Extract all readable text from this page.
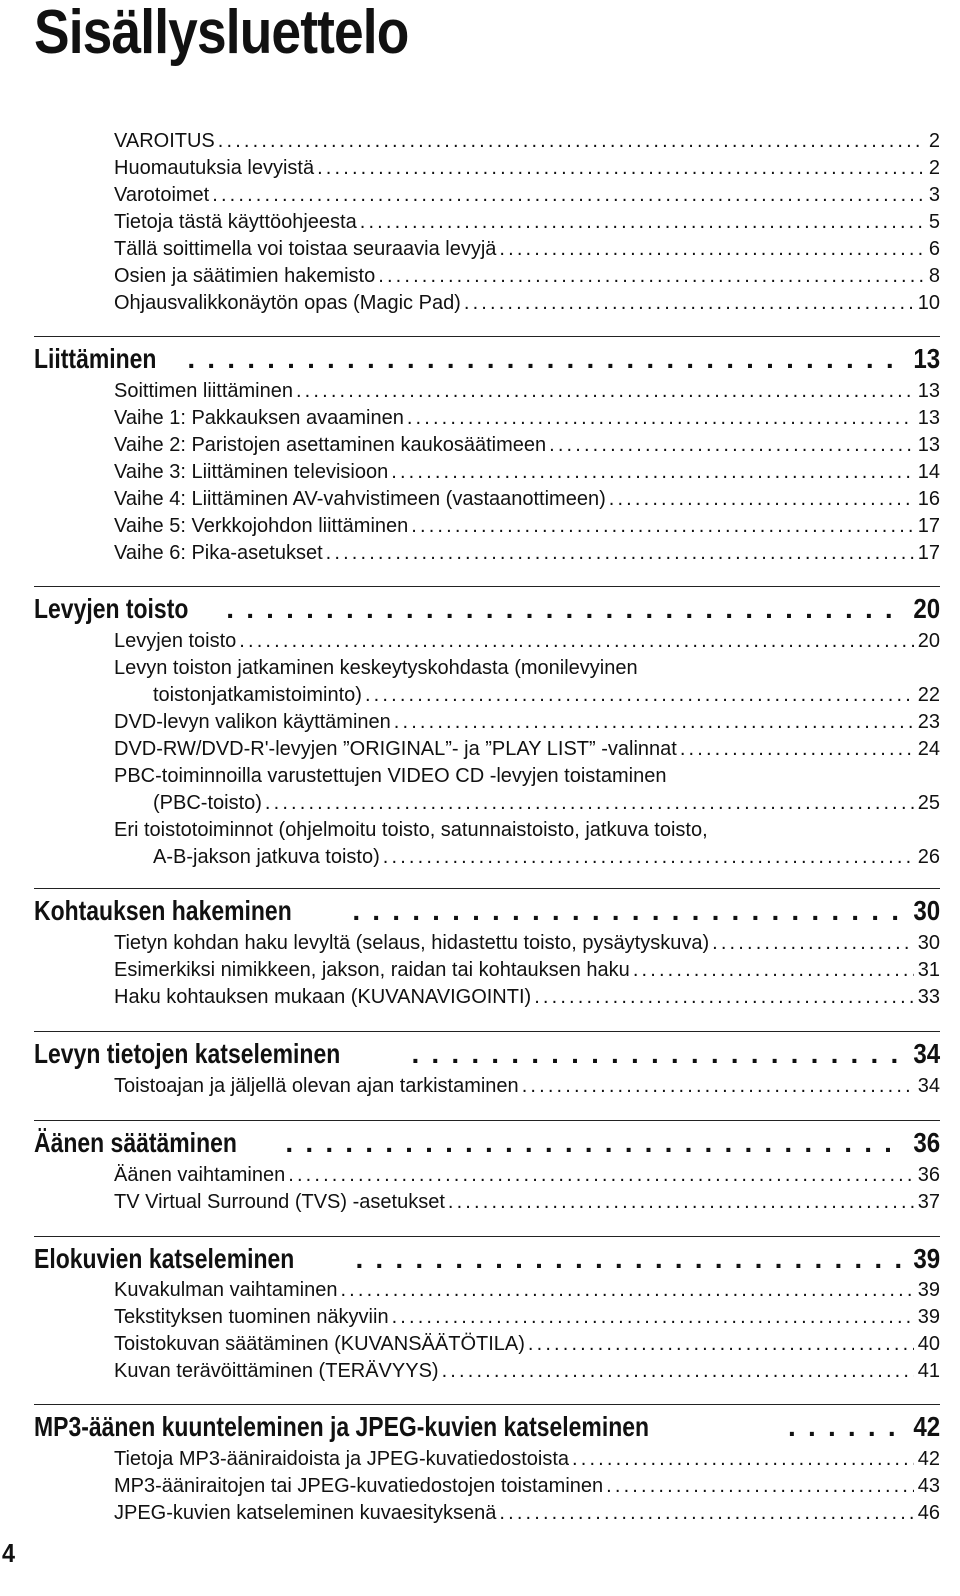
Sisällysluettelo
VAROITUS . . .	2
Huomautuksia levyistä . . .	2
Varotoimet . . .	3
Tietoja tästä käyttöohjeesta . . .	5
Tällä soittimella voi toistaa seuraavia levyjä . . .	6
Osien ja säätimien hakemisto . . .	8
Ohjausvalikkonäytön opas (Magic Pad) . . .	10
Liittäminen . . .	13
Soittimen liittäminen . . .	13
Vaihe 1: Pakkauksen avaaminen . . .	13
Vaihe 2: Paristojen asettaminen kaukosäätimeen . . .	13
Vaihe 3: Liittäminen televisioon . . .	14
Vaihe 4: Liittäminen AV-vahvistimeen (vastaanottimeen) . . .	16
Vaihe 5: Verkkojohdon liittäminen . . .	17
Vaihe 6: Pika-asetukset . . .	17
Levyjen toisto . . .	20
Levyjen toisto . . .	20
Levyn toiston jatkaminen keskeytyskohdasta (monilevyinen
toistonjatkamistoiminto) . . .	22
DVD-levyn valikon käyttäminen . . .	23
DVD-RW/DVD-R'-levyjen ”ORIGINAL”- ja ”PLAY LIST” -valinnat . . .	24
PBC-toiminnoilla varustettujen VIDEO CD -levyjen toistaminen
(PBC-toisto) . . .	25
Eri toistotoiminnot (ohjelmoitu toisto, satunnaistoisto, jatkuva toisto,
A-B-jakson jatkuva toisto) . . .	26
Kohtauksen hakeminen . . .	30
Tietyn kohdan haku levyltä (selaus, hidastettu toisto, pysäytyskuva) . . .	30
Esimerkiksi nimikkeen, jakson, raidan tai kohtauksen haku . . .	31
Haku kohtauksen mukaan (KUVANAVIGOINTI) . . .	33
Levyn tietojen katseleminen . . .	34
Toistoajan ja jäljellä olevan ajan tarkistaminen . . .	34
Äänen säätäminen . . .	36
Äänen vaihtaminen . . .	36
TV Virtual Surround (TVS) -asetukset . . .	37
Elokuvien katseleminen . . .	39
Kuvakulman vaihtaminen . . .	39
Tekstityksen tuominen näkyviin . . .	39
Toistokuvan säätäminen (KUVANSÄÄTÖTILA) . . .	40
Kuvan terävöittäminen (TERÄVYYS) . . .	41
MP3-äänen kuunteleminen ja JPEG-kuvien katseleminen . . .	42
Tietoja MP3-ääniraidoista ja JPEG-kuvatiedostoista . . .	42
MP3-ääniraitojen tai JPEG-kuvatiedostojen toistaminen . . .	43
JPEG-kuvien katseleminen kuvaesityksenä . . .	46
4
